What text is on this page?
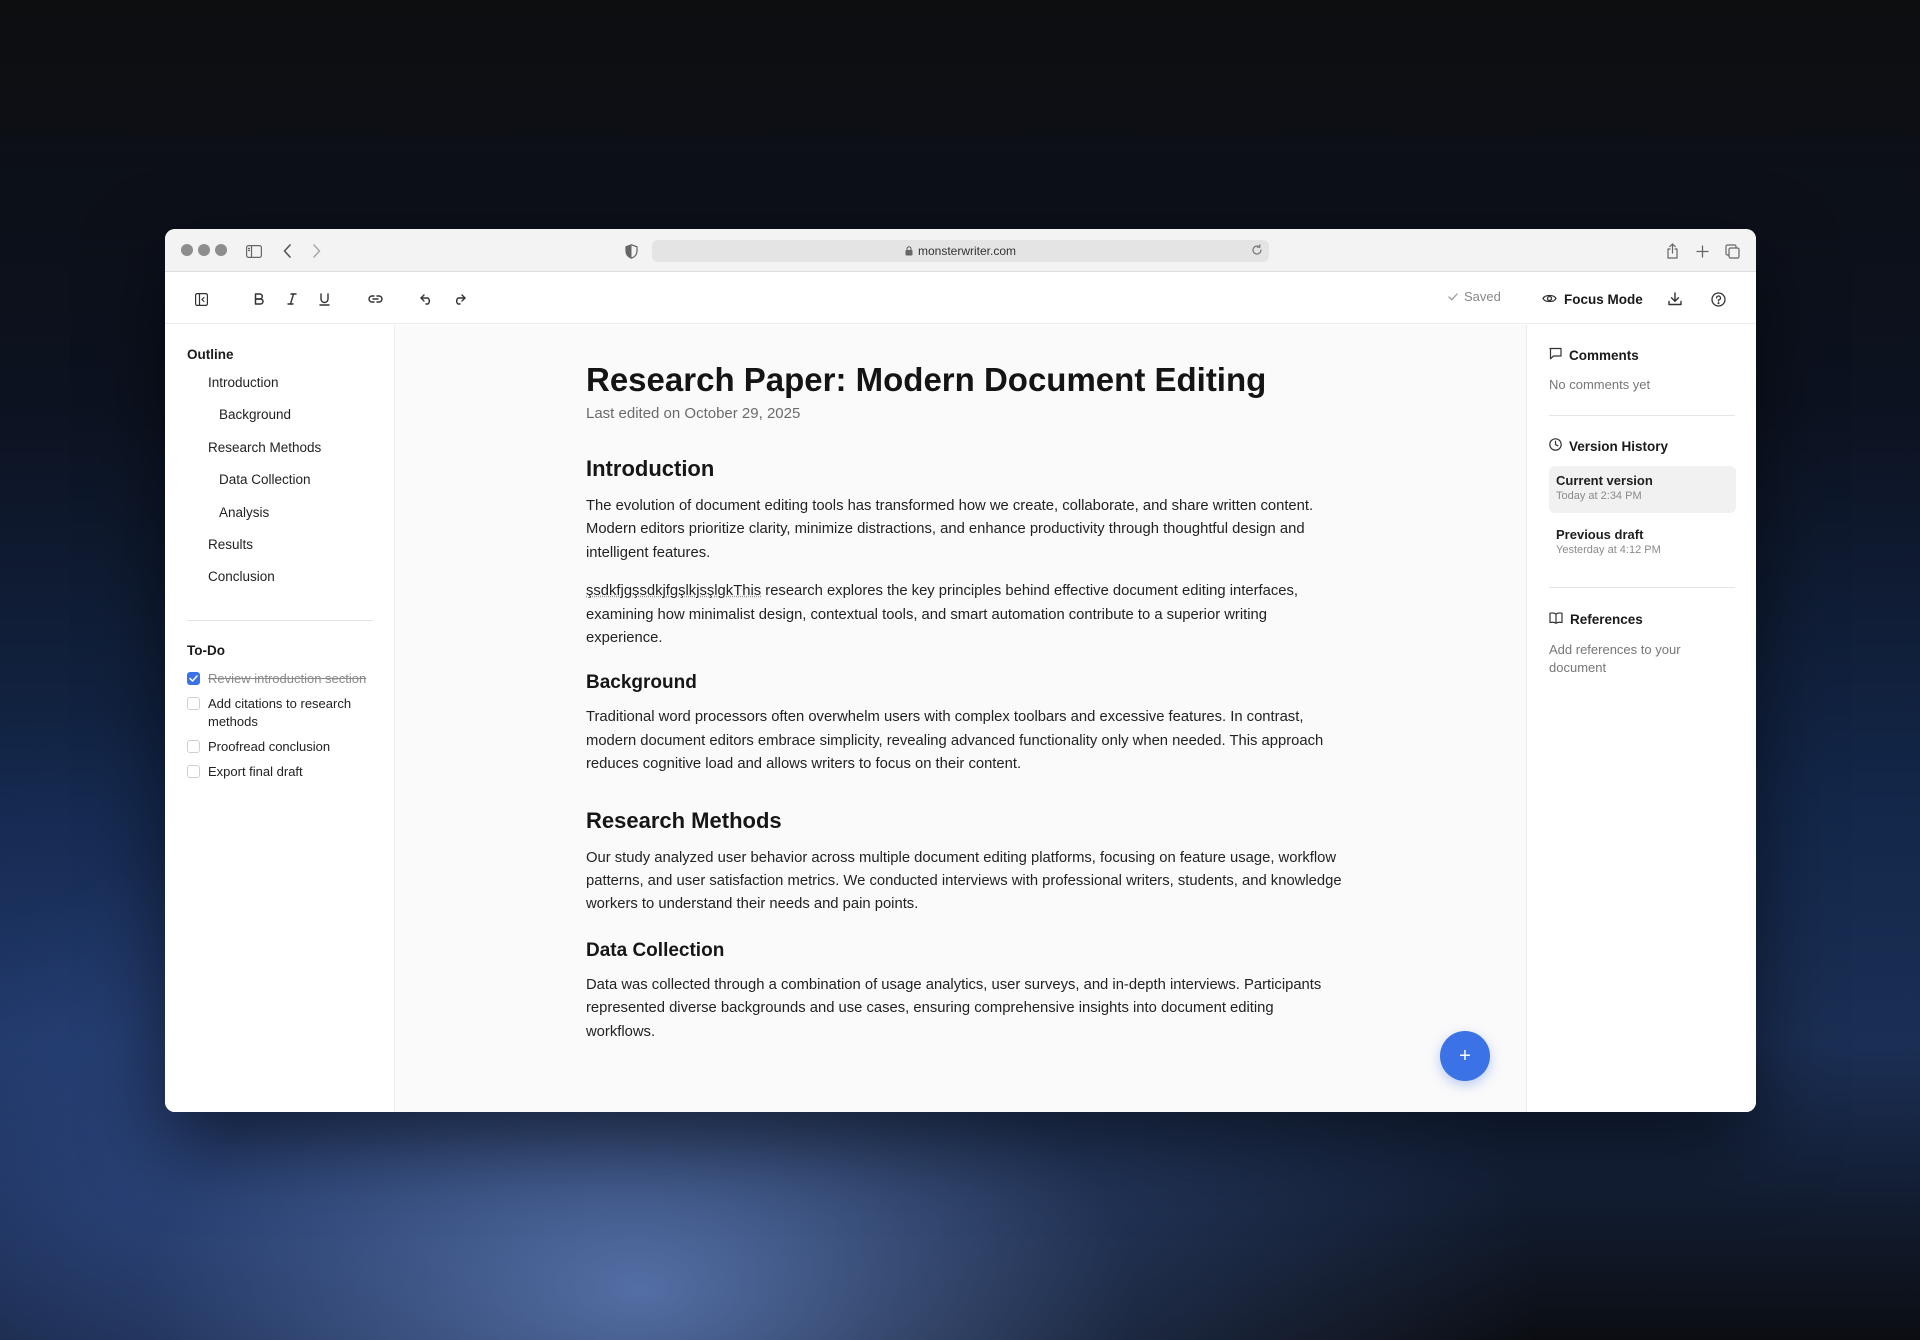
monsterwriter.com
Saved	Focus Mode
Outline
Introduction
Background
Research Methods
Data Collection
Analysis
Results
Conclusion
To-Do
Review introduction section
Add citations to research methods
Proofread conclusion
Export final draft
Research Paper: Modern Document Editing
Last edited on October 29, 2025
Introduction

The evolution of document editing tools has transformed how we create, collaborate, and share written content. Modern editors prioritize clarity, minimize distractions, and enhance productivity through thoughtful design and intelligent features.

şsdkfjgşsdkjfgşlkjsşlgkThis research explores the key principles behind effective document editing interfaces, examining how minimalist design, contextual tools, and smart automation contribute to a superior writing experience.

Background

Traditional word processors often overwhelm users with complex toolbars and excessive features. In contrast, modern document editors embrace simplicity, revealing advanced functionality only when needed. This approach reduces cognitive load and allows writers to focus on their content.

Research Methods

Our study analyzed user behavior across multiple document editing platforms, focusing on feature usage, workflow patterns, and user satisfaction metrics. We conducted interviews with professional writers, students, and knowledge workers to understand their needs and pain points.

Data Collection

Data was collected through a combination of usage analytics, user surveys, and in-depth interviews. Participants represented diverse backgrounds and use cases, ensuring comprehensive insights into document editing workflows.

+
Comments
No comments yet
Version History
Current version
Today at 2:34 PM
Previous draft
Yesterday at 4:12 PM
References
Add references to your document
